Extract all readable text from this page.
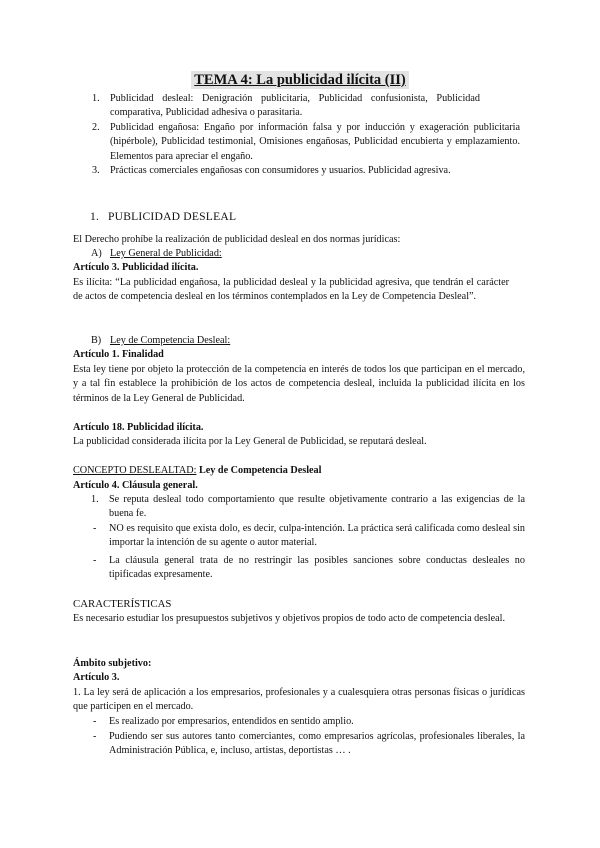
TEMA 4: La publicidad ilícita (II)
1. Publicidad desleal: Denigración publicitaria, Publicidad confusionista, Publicidad comparativa, Publicidad adhesiva o parasitaria.
2. Publicidad engañosa: Engaño por información falsa y por inducción y exageración publicitaria (hipérbole), Publicidad testimonial, Omisiones engañosas, Publicidad encubierta y emplazamiento. Elementos para apreciar el engaño.
3. Prácticas comerciales engañosas con consumidores y usuarios. Publicidad agresiva.
1. PUBLICIDAD DESLEAL
El Derecho prohíbe la realización de publicidad desleal en dos normas jurídicas:
A) Ley General de Publicidad:
Artículo 3. Publicidad ilícita.
Es ilícita: “La publicidad engañosa, la publicidad desleal y la publicidad agresiva, que tendrán el carácter de actos de competencia desleal en los términos contemplados en la Ley de Competencia Desleal”.
B) Ley de Competencia Desleal:
Artículo 1. Finalidad
Esta ley tiene por objeto la protección de la competencia en interés de todos los que participan en el mercado, y a tal fin establece la prohibición de los actos de competencia desleal, incluida la publicidad ilícita en los términos de la Ley General de Publicidad.
Artículo 18. Publicidad ilícita.
La publicidad considerada ilícita por la Ley General de Publicidad, se reputará desleal.
CONCEPTO DESLEALTAD: Ley de Competencia Desleal
Artículo 4. Cláusula general.
1. Se reputa desleal todo comportamiento que resulte objetivamente contrario a las exigencias de la buena fe.
- NO es requisito que exista dolo, es decir, culpa-intención. La práctica será calificada como desleal sin importar la intención de su agente o autor material.
- La cláusula general trata de no restringir las posibles sanciones sobre conductas desleales no tipificadas expresamente.
CARACTERÍSTICAS
Es necesario estudiar los presupuestos subjetivos y objetivos propios de todo acto de competencia desleal.
Ámbito subjetivo:
Artículo 3.
1. La ley será de aplicación a los empresarios, profesionales y a cualesquiera otras personas físicas o jurídicas que participen en el mercado.
- Es realizado por empresarios, entendidos en sentido amplio.
- Pudiendo ser sus autores tanto comerciantes, como empresarios agrícolas, profesionales liberales, la Administración Pública, e, incluso, artistas, deportistas … .
